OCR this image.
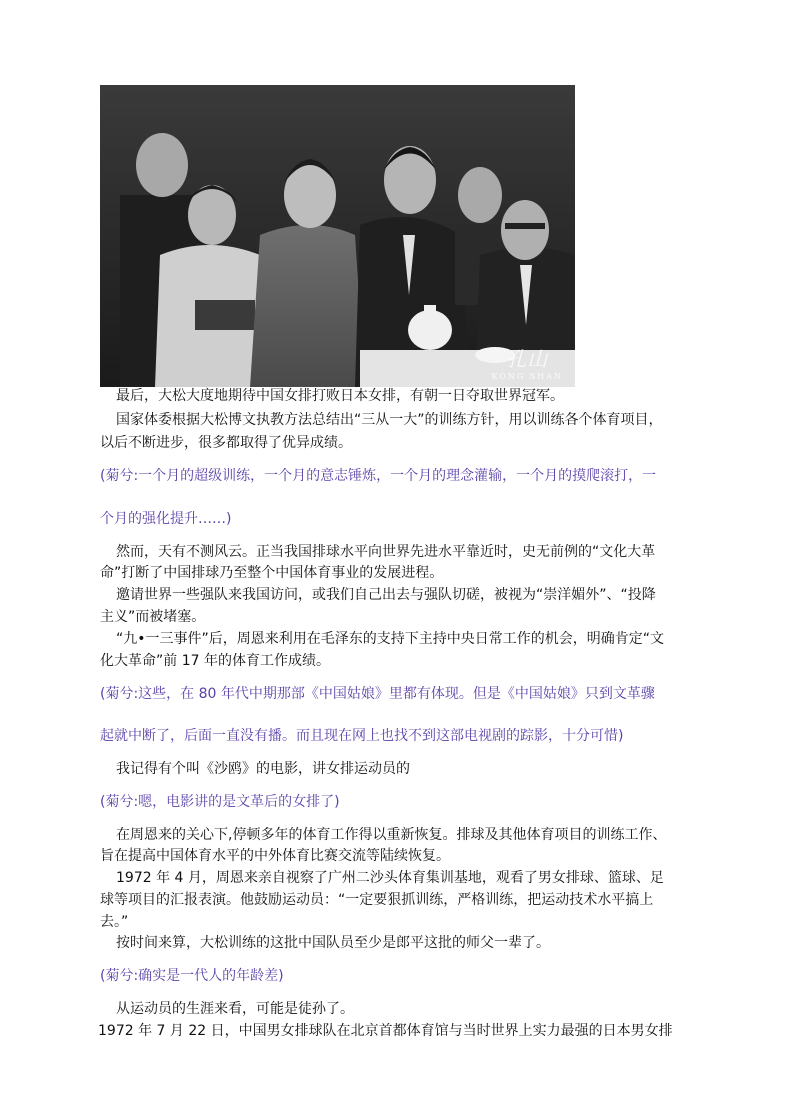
孔山
KONG SHAN
最后，大松大度地期待中国女排打败日本女排，有朝一日夺取世界冠军。
国家体委根据大松博文执教方法总结出“三从一大”的训练方针，用以训练各个体育项目，
以后不断进步，很多都取得了优异成绩。
(菊兮:一个月的超级训练，一个月的意志锤炼，一个月的理念灌输，一个月的摸爬滚打，一
个月的强化提升……)
然而，天有不测风云。正当我国排球水平向世界先进水平靠近时，史无前例的“文化大革
命”打断了中国排球乃至整个中国体育事业的发展进程。
邀请世界一些强队来我国访问，或我们自己出去与强队切磋，被视为“崇洋媚外”、“投降
主义”而被堵塞。
“九•一三事件”后，周恩来利用在毛泽东的支持下主持中央日常工作的机会，明确肯定“文
化大革命”前 17 年的体育工作成绩。
(菊兮:这些，在 80 年代中期那部《中国姑娘》里都有体现。但是《中国姑娘》只到文革骤
起就中断了，后面一直没有播。而且现在网上也找不到这部电视剧的踪影，十分可惜)
我记得有个叫《沙鸥》的电影，讲女排运动员的
(菊兮:嗯，电影讲的是文革后的女排了)
在周恩来的关心下,停顿多年的体育工作得以重新恢复。排球及其他体育项目的训练工作、
旨在提高中国体育水平的中外体育比赛交流等陆续恢复。
1972 年 4 月，周恩来亲自视察了广州二沙头体育集训基地，观看了男女排球、篮球、足
球等项目的汇报表演。他鼓励运动员：“一定要狠抓训练，严格训练，把运动技术水平搞上
去。”
按时间来算，大松训练的这批中国队员至少是郎平这批的师父一辈了。
(菊兮:确实是一代人的年龄差)
从运动员的生涯来看，可能是徒孙了。
1972 年 7 月 22 日，中国男女排球队在北京首都体育馆与当时世界上实力最强的日本男女排
